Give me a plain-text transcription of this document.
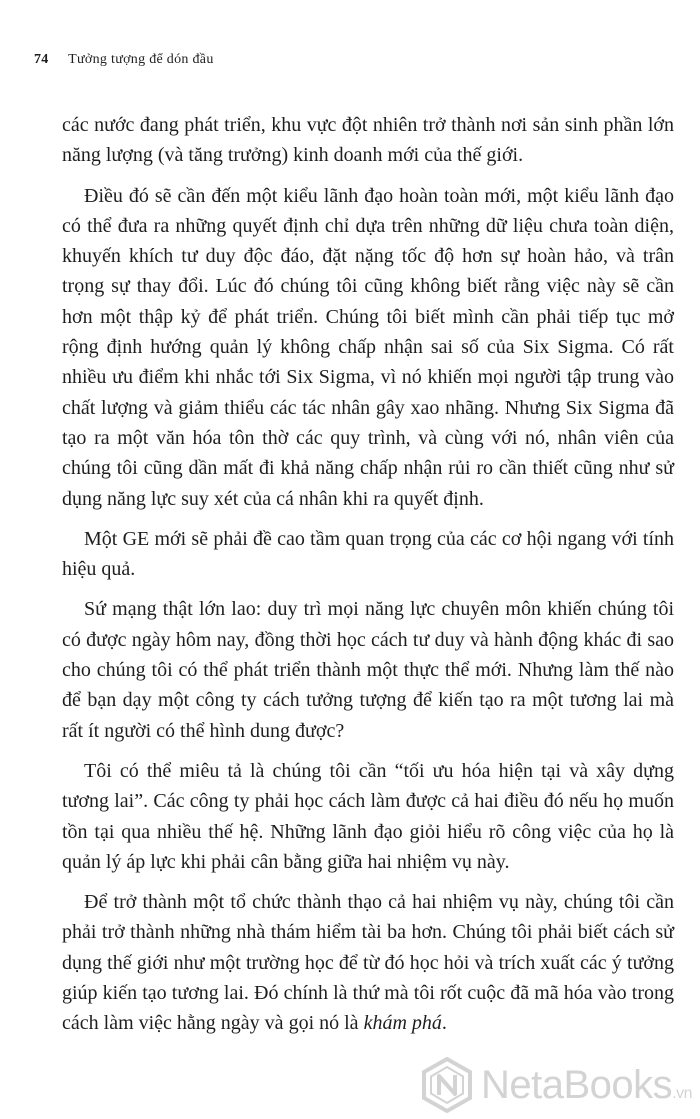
74 Tưởng tượng để dón đầu

các nước đang phát triển, khu vực đột nhiên trở thành nơi sản sinh phần lớn năng lượng (và tăng trưởng) kinh doanh mới của thế giới.

Điều đó sẽ cần đến một kiểu lãnh đạo hoàn toàn mới, một kiểu lãnh đạo có thể đưa ra những quyết định chỉ dựa trên những dữ liệu chưa toàn diện, khuyến khích tư duy độc đáo, đặt nặng tốc độ hơn sự hoàn hảo, và trân trọng sự thay đổi. Lúc đó chúng tôi cũng không biết rằng việc này sẽ cần hơn một thập kỷ để phát triển. Chúng tôi biết mình cần phải tiếp tục mở rộng định hướng quản lý không chấp nhận sai số của Six Sigma. Có rất nhiều ưu điểm khi nhắc tới Six Sigma, vì nó khiến mọi người tập trung vào chất lượng và giảm thiểu các tác nhân gây xao nhãng. Nhưng Six Sigma đã tạo ra một văn hóa tôn thờ các quy trình, và cùng với nó, nhân viên của chúng tôi cũng dần mất đi khả năng chấp nhận rủi ro cần thiết cũng như sử dụng năng lực suy xét của cá nhân khi ra quyết định.

Một GE mới sẽ phải đề cao tầm quan trọng của các cơ hội ngang với tính hiệu quả.

Sứ mạng thật lớn lao: duy trì mọi năng lực chuyên môn khiến chúng tôi có được ngày hôm nay, đồng thời học cách tư duy và hành động khác đi sao cho chúng tôi có thể phát triển thành một thực thể mới. Nhưng làm thế nào để bạn dạy một công ty cách tưởng tượng để kiến tạo ra một tương lai mà rất ít người có thể hình dung được?

Tôi có thể miêu tả là chúng tôi cần “tối ưu hóa hiện tại và xây dựng tương lai”. Các công ty phải học cách làm được cả hai điều đó nếu họ muốn tồn tại qua nhiều thế hệ. Những lãnh đạo giỏi hiểu rõ công việc của họ là quản lý áp lực khi phải cân bằng giữa hai nhiệm vụ này.

Để trở thành một tổ chức thành thạo cả hai nhiệm vụ này, chúng tôi cần phải trở thành những nhà thám hiểm tài ba hơn. Chúng tôi phải biết cách sử dụng thế giới như một trường học để từ đó học hỏi và trích xuất các ý tưởng giúp kiến tạo tương lai. Đó chính là thứ mà tôi rốt cuộc đã mã hóa vào trong cách làm việc hằng ngày và gọi nó là khám phá.

NetaBooks.vn
